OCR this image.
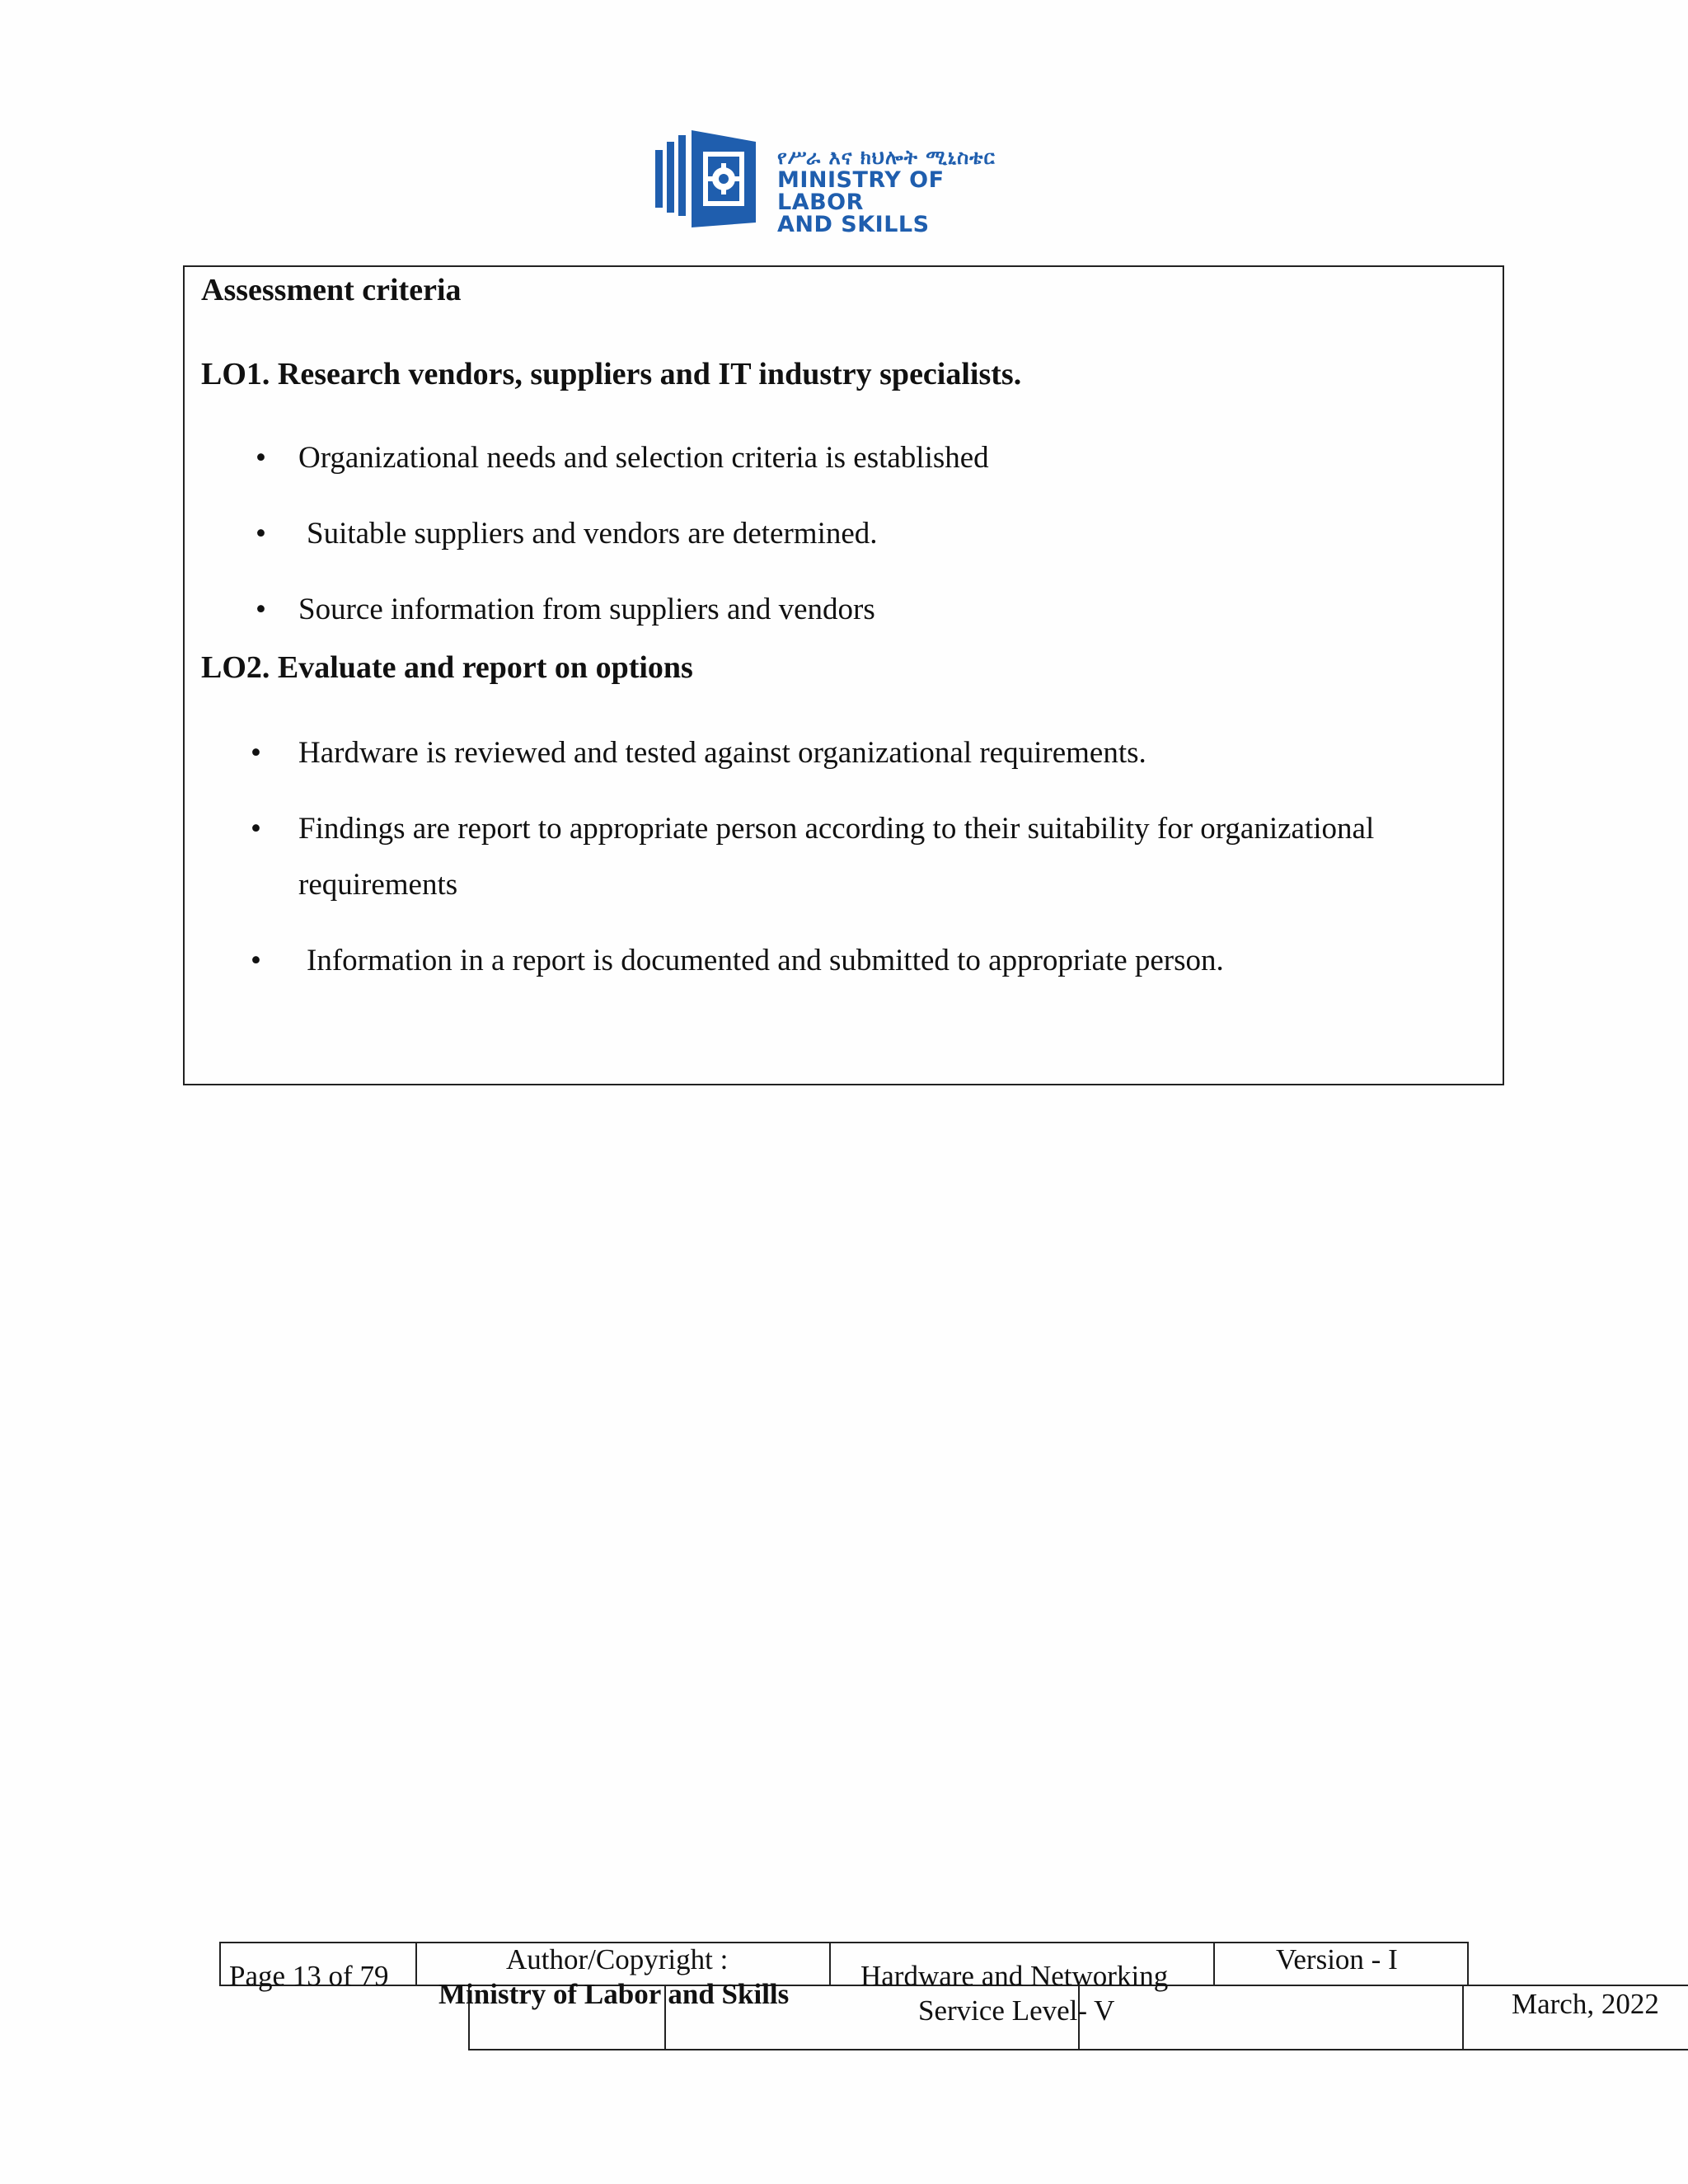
የሥራ እና ክህሎት ሚኒስቴር
MINISTRY OF LABOR
AND SKILLS
Assessment criteria
LO1. Research vendors, suppliers and IT industry specialists.
• Organizational needs and selection criteria is established
• Suitable suppliers and vendors are determined.
• Source information from suppliers and vendors
LO2. Evaluate and report on options
• Hardware is reviewed and tested against organizational requirements.
• Findings are report to appropriate person according to their suitability for organizational
requirements
• Information in a report is documented and submitted to appropriate person.
Page 13 of 79
Author/Copyright :
Ministry of Labor and Skills
Hardware and Networking
Service Level- V
Version - I
March, 2022
